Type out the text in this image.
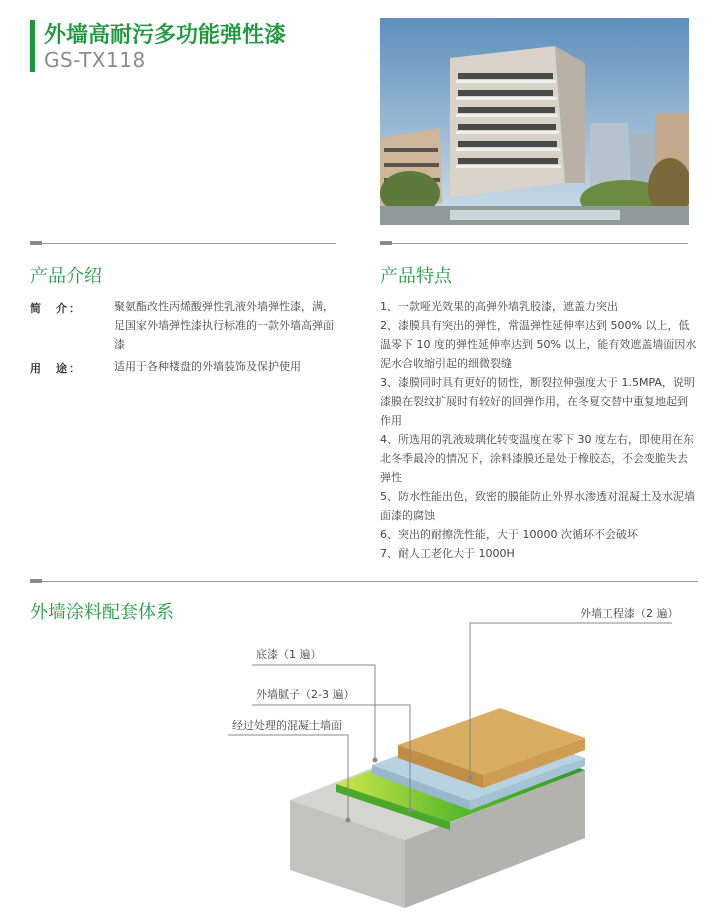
外墙高耐污多功能弹性漆
GS-TX118
产品介绍
简　介：	聚氨酯改性丙烯酸弹性乳液外墙弹性漆，满，足国家外墙弹性漆执行标准的一款外墙高弹面漆
用　途：	适用于各种楼盘的外墙装饰及保护使用
产品特点
1、一款哑光效果的高弹外墙乳胶漆，遮盖力突出
2、漆膜具有突出的弹性，常温弹性延伸率达到 500% 以上，低温零下 10 度的弹性延伸率达到 50% 以上，能有效遮盖墙面因水泥水合收缩引起的细微裂缝
3、漆膜同时具有更好的韧性，断裂拉伸强度大于 1.5MPA，说明漆膜在裂纹扩展时有较好的回弹作用，在冬夏交替中重复地起到作用
4、所选用的乳液玻璃化转变温度在零下 30 度左右，即使用在东北冬季最冷的情况下，涂料漆膜还是处于橡胶态，不会变脆失去弹性
5、防水性能出色，致密的膜能防止外界水渗透对混凝土及水泥墙面漆的腐蚀
6、突出的耐擦洗性能，大于 10000 次循环不会破坏
7、耐人工老化大于 1000H
外墙涂料配套体系	外墙工程漆（2 遍）
底漆（1 遍）
外墙腻子（2-3 遍）
经过处理的混凝土墙面
